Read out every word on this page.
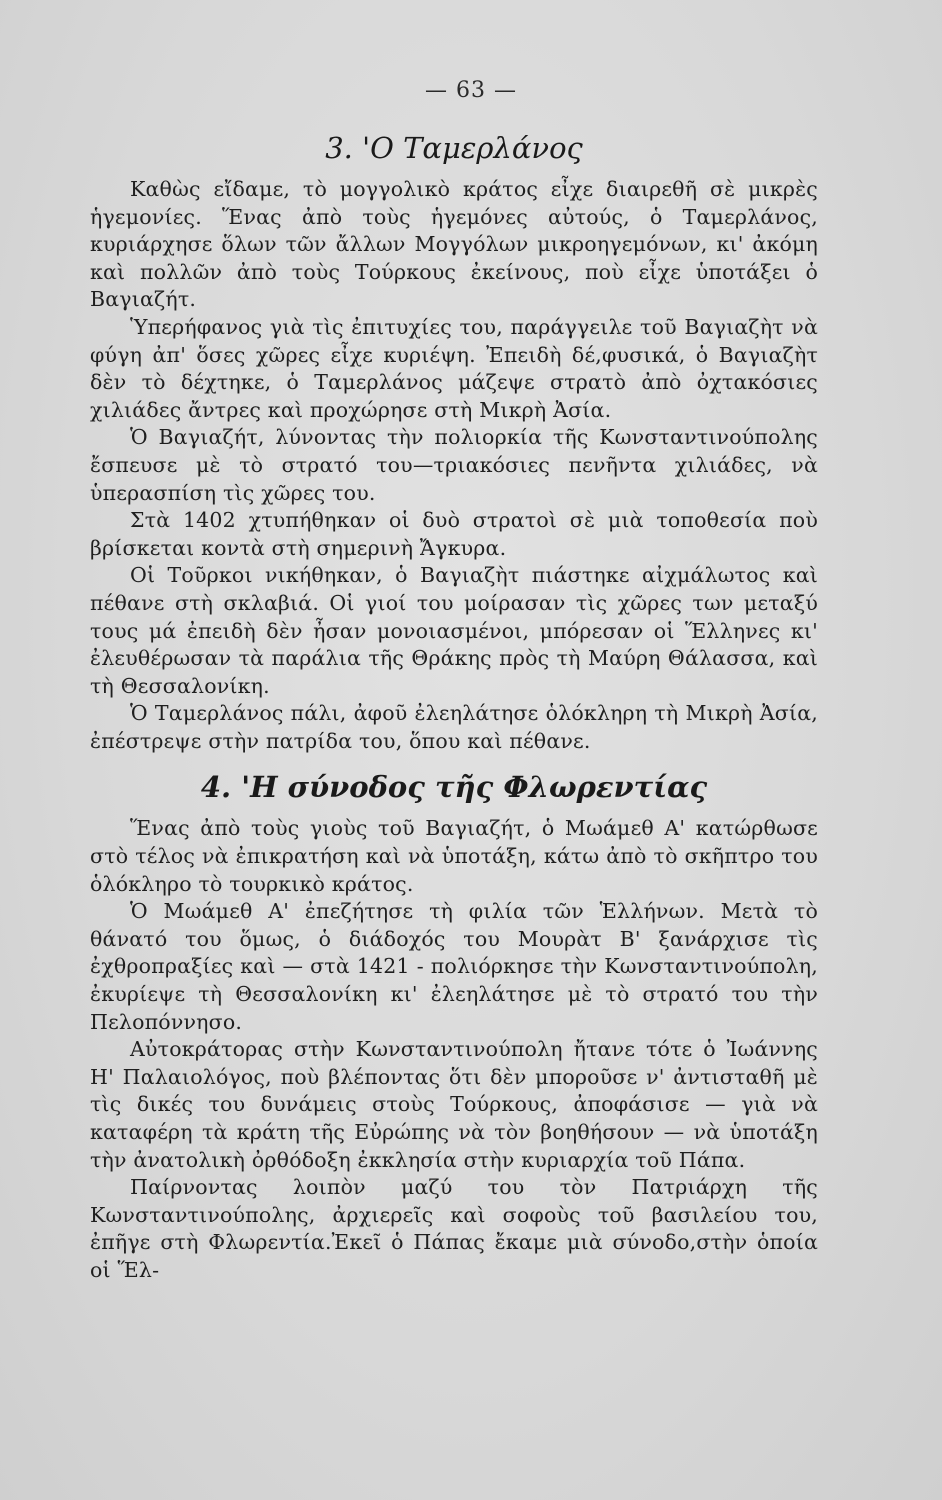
— 63 —
3. 'Ο Ταμερλάνος

Καθὼς εἴδαμε, τὸ μογγολικὸ κράτος εἶχε διαιρεθῆ σὲ μικρὲς ἡγεμονίες. Ἕνας ἀπὸ τοὺς ἡγεμόνες αὐτούς, ὁ Ταμερλάνος, κυριάρχησε ὅλων τῶν ἄλλων Μογγόλων μικροηγεμόνων, κι' ἀκόμη καὶ πολλῶν ἀπὸ τοὺς Τούρκους ἐκείνους, ποὺ εἶχε ὑποτάξει ὁ Βαγιαζήτ.

Ὑπερήφανος γιὰ τὶς ἐπιτυχίες του, παράγγειλε τοῦ Βαγιαζὴτ νὰ φύγη ἀπ' ὅσες χῶρες εἶχε κυριέψη. Ἐπειδὴ δέ,φυσικά, ὁ Βαγιαζὴτ δὲν τὸ δέχτηκε, ὁ Ταμερλάνος μάζεψε στρατὸ ἀπὸ ὀχτακόσιες χιλιάδες ἄντρες καὶ προχώρησε στὴ Μικρὴ Ἀσία.

Ὁ Βαγιαζήτ, λύνοντας τὴν πολιορκία τῆς Κωνσταντινούπολης ἔσπευσε μὲ τὸ στρατό του—τριακόσιες πενῆντα χιλιάδες, νὰ ὑπερασπίση τὶς χῶρες του.

Στὰ 1402 χτυπήθηκαν οἱ δυὸ στρατοὶ σὲ μιὰ τοποθεσία ποὺ βρίσκεται κοντὰ στὴ σημερινὴ Ἄγκυρα.

Οἱ Τοῦρκοι νικήθηκαν, ὁ Βαγιαζὴτ πιάστηκε αἰχμάλωτος καὶ πέθανε στὴ σκλαβιά. Οἱ γιοί του μοίρασαν τὶς χῶρες των μεταξύ τους μά ἐπειδὴ δὲν ἦσαν μονοιασμένοι, μπόρεσαν οἱ Ἕλληνες κι' ἐλευθέρωσαν τὰ παράλια τῆς Θράκης πρὸς τὴ Μαύρη Θάλασσα, καὶ τὴ Θεσσαλονίκη.

Ὁ Ταμερλάνος πάλι, ἀφοῦ ἐλεηλάτησε ὁλόκληρη τὴ Μικρὴ Ἀσία, ἐπέστρεψε στὴν πατρίδα του, ὅπου καὶ πέθανε.

4. 'Η σύνοδος τῆς Φλωρεντίας

Ἕνας ἀπὸ τοὺς γιοὺς τοῦ Βαγιαζήτ, ὁ Μωάμεθ Α' κατώρθωσε στὸ τέλος νὰ ἐπικρατήση καὶ νὰ ὑποτάξη, κάτω ἀπὸ τὸ σκῆπτρο του ὁλόκληρο τὸ τουρκικὸ κράτος.

Ὁ Μωάμεθ Α' ἐπεζήτησε τὴ φιλία τῶν Ἑλλήνων. Μετὰ τὸ θάνατό του ὅμως, ὁ διάδοχός του Μουρὰτ Β' ξανάρχισε τὶς ἐχθροπραξίες καὶ — στὰ 1421 - πολιόρκησε τὴν Κωνσταντινούπολη, ἐκυρίεψε τὴ Θεσσαλονίκη κι' ἐλεηλάτησε μὲ τὸ στρατό του τὴν Πελοπόννησο.

Αὐτοκράτορας στὴν Κωνσταντινούπολη ἤτανε τότε ὁ Ἰωάννης Η' Παλαιολόγος, ποὺ βλέποντας ὅτι δὲν μποροῦσε ν' ἀντισταθῆ μὲ τὶς δικές του δυνάμεις στοὺς Τούρκους, ἀποφάσισε — γιὰ νὰ καταφέρη τὰ κράτη τῆς Εὐρώπης νὰ τὸν βοηθήσουν — νὰ ὑποτάξη τὴν ἀνατολικὴ ὀρθόδοξη ἐκκλησία στὴν κυριαρχία τοῦ Πάπα.

Παίρνοντας λοιπὸν μαζύ του τὸν Πατριάρχη τῆς Κωνσταντινούπολης, ἀρχιερεῖς καὶ σοφοὺς τοῦ βασιλείου του, ἐπῆγε στὴ Φλωρεντία.Ἐκεῖ ὁ Πάπας ἔκαμε μιὰ σύνοδο,στὴν ὁποία οἱ Ἕλ-
